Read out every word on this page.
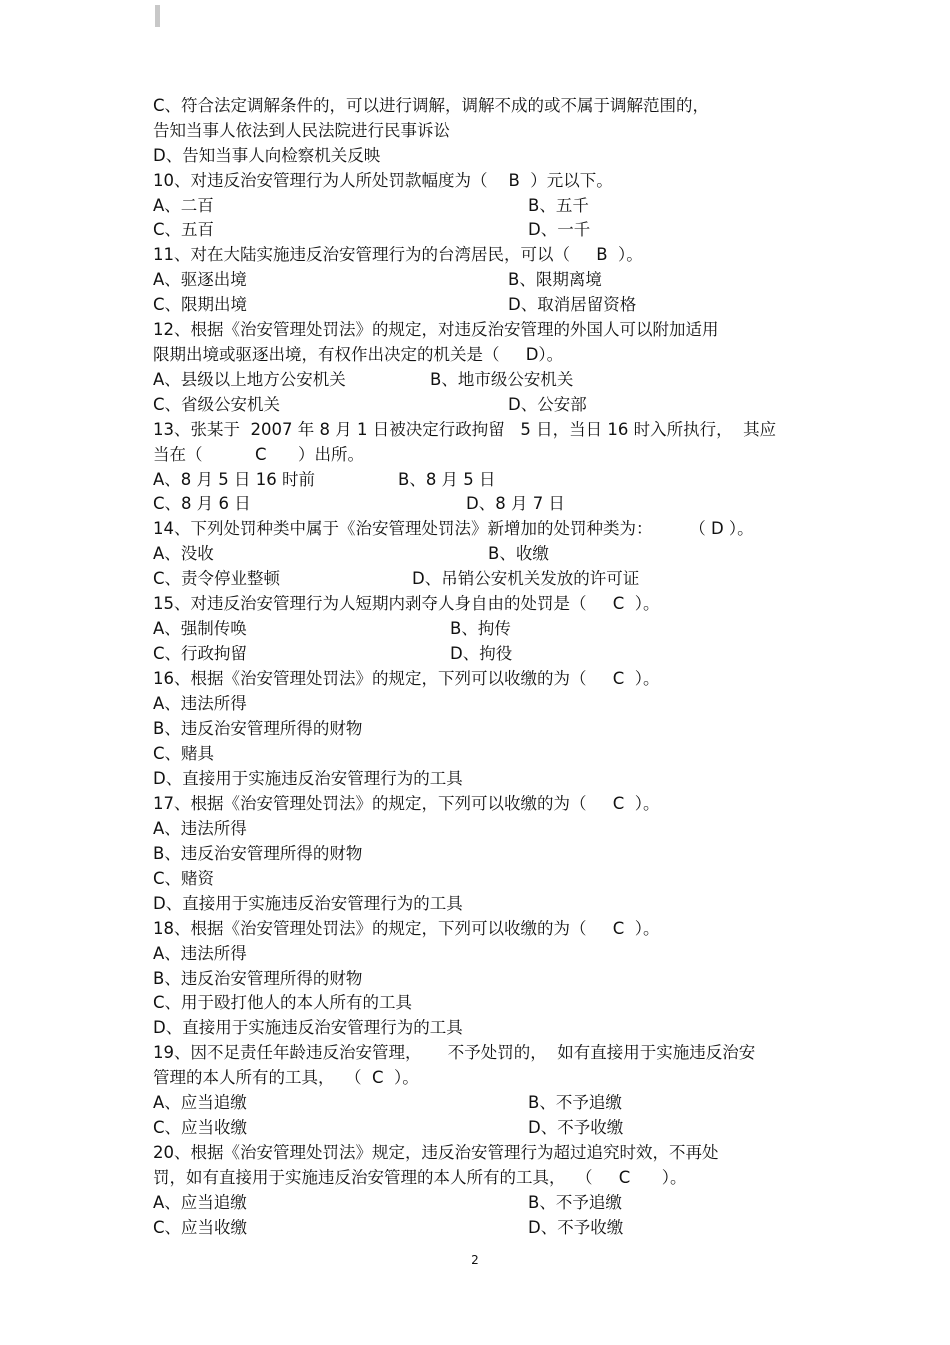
C、符合法定调解条件的，可以进行调解，调解不成的或不属于调解范围的，
告知当事人依法到人民法院进行民事诉讼
D、告知当事人向检察机关反映
10、对违反治安管理行为人所处罚款幅度为（    B  ）元以下。
A、二百	B、五千
C、五百	D、一千
11、对在大陆实施违反治安管理行为的台湾居民，可以（     B  ）。
A、驱逐出境	B、限期离境
C、限期出境	D、取消居留资格
12、根据《治安管理处罚法》的规定，对违反治安管理的外国人可以附加适用
限期出境或驱逐出境，有权作出决定的机关是（     D）。
A、县级以上地方公安机关	B、地市级公安机关
C、省级公安机关	D、公安部
13、张某于  2007 年 8 月 1 日被决定行政拘留   5 日，当日 16 时入所执行，  其应
当在（          C      ）出所。
A、8 月 5 日 16 时前	B、8 月 5 日
C、8 月 6 日	D、8 月 7 日
14、下列处罚种类中属于《治安管理处罚法》新增加的处罚种类为：       （ D ）。
A、没收	B、收缴
C、责令停业整顿	D、吊销公安机关发放的许可证
15、对违反治安管理行为人短期内剥夺人身自由的处罚是（     C  ）。
A、强制传唤	B、拘传
C、行政拘留	D、拘役
16、根据《治安管理处罚法》的规定，下列可以收缴的为（     C  ）。
A、违法所得
B、违反治安管理所得的财物
C、赌具
D、直接用于实施违反治安管理行为的工具
17、根据《治安管理处罚法》的规定，下列可以收缴的为（     C  ）。
A、违法所得
B、违反治安管理所得的财物
C、赌资
D、直接用于实施违反治安管理行为的工具
18、根据《治安管理处罚法》的规定，下列可以收缴的为（     C  ）。
A、违法所得
B、违反治安管理所得的财物
C、用于殴打他人的本人所有的工具
D、直接用于实施违反治安管理行为的工具
19、因不足责任年龄违反治安管理，     不予处罚的，  如有直接用于实施违反治安
管理的本人所有的工具，  （  C  ）。
A、应当追缴	B、不予追缴
C、应当收缴	D、不予收缴
20、根据《治安管理处罚法》规定，违反治安管理行为超过追究时效，不再处
罚，如有直接用于实施违反治安管理的本人所有的工具，  （     C      ）。
A、应当追缴	B、不予追缴
C、应当收缴	D、不予收缴
2
